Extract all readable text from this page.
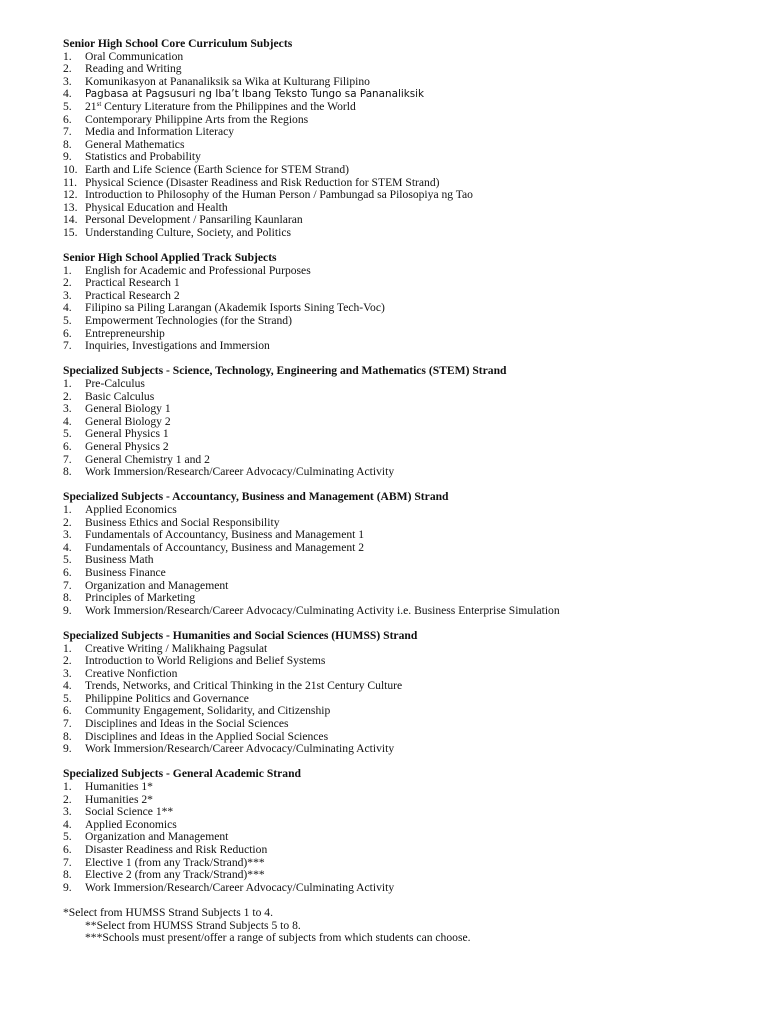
Senior High School Core Curriculum Subjects
1.	Oral Communication
2.	Reading and Writing
3.	Komunikasyon at Pananaliksik sa Wika at Kulturang Filipino
4.	Pagbasa at Pagsusuri ng Iba’t Ibang Teksto Tungo sa Pananaliksik
5.	21st Century Literature from the Philippines and the World
6.	Contemporary Philippine Arts from the Regions
7.	Media and Information Literacy
8.	General Mathematics
9.	Statistics and Probability
10. Earth and Life Science (Earth Science for STEM Strand)
11. Physical Science (Disaster Readiness and Risk Reduction for STEM Strand)
12. Introduction to Philosophy of the Human Person / Pambungad sa Pilosopiya ng Tao
13. Physical Education and Health
14. Personal Development / Pansariling Kaunlaran
15. Understanding Culture, Society, and Politics
Senior High School Applied Track Subjects
1.	English for Academic and Professional Purposes
2.	Practical Research 1
3.	Practical Research 2
4.	Filipino sa Piling Larangan (Akademik Isports Sining Tech-Voc)
5.	Empowerment Technologies (for the Strand)
6.	Entrepreneurship
7.	Inquiries, Investigations and Immersion
Specialized Subjects - Science, Technology, Engineering and Mathematics (STEM) Strand
1.	Pre-Calculus
2.	Basic Calculus
3.	General Biology 1
4.	General Biology 2
5.	General Physics 1
6.	General Physics 2
7.	General Chemistry 1 and 2
8.	Work Immersion/Research/Career Advocacy/Culminating Activity
Specialized Subjects - Accountancy, Business and Management (ABM) Strand
1.	Applied Economics
2.	Business Ethics and Social Responsibility
3.	Fundamentals of Accountancy, Business and Management 1
4.	Fundamentals of Accountancy, Business and Management 2
5.	Business Math
6.	Business Finance
7.	Organization and Management
8.	Principles of Marketing
9.	Work Immersion/Research/Career Advocacy/Culminating Activity i.e. Business Enterprise Simulation
Specialized Subjects - Humanities and Social Sciences (HUMSS) Strand
1.	Creative Writing / Malikhaing Pagsulat
2.	Introduction to World Religions and Belief Systems
3.	Creative Nonfiction
4.	Trends, Networks, and Critical Thinking in the 21st Century Culture
5.	Philippine Politics and Governance
6.	Community Engagement, Solidarity, and Citizenship
7.	Disciplines and Ideas in the Social Sciences
8.	Disciplines and Ideas in the Applied Social Sciences
9.	Work Immersion/Research/Career Advocacy/Culminating Activity
Specialized Subjects - General Academic Strand
1.	Humanities 1*
2.	Humanities 2*
3.	Social Science 1**
4.	Applied Economics
5.	Organization and Management
6.	Disaster Readiness and Risk Reduction
7.	Elective 1 (from any Track/Strand)***
8.	Elective 2 (from any Track/Strand)***
9.	Work Immersion/Research/Career Advocacy/Culminating Activity
*Select from HUMSS Strand Subjects 1 to 4.
**Select from HUMSS Strand Subjects 5 to 8.
***Schools must present/offer a range of subjects from which students can choose.
